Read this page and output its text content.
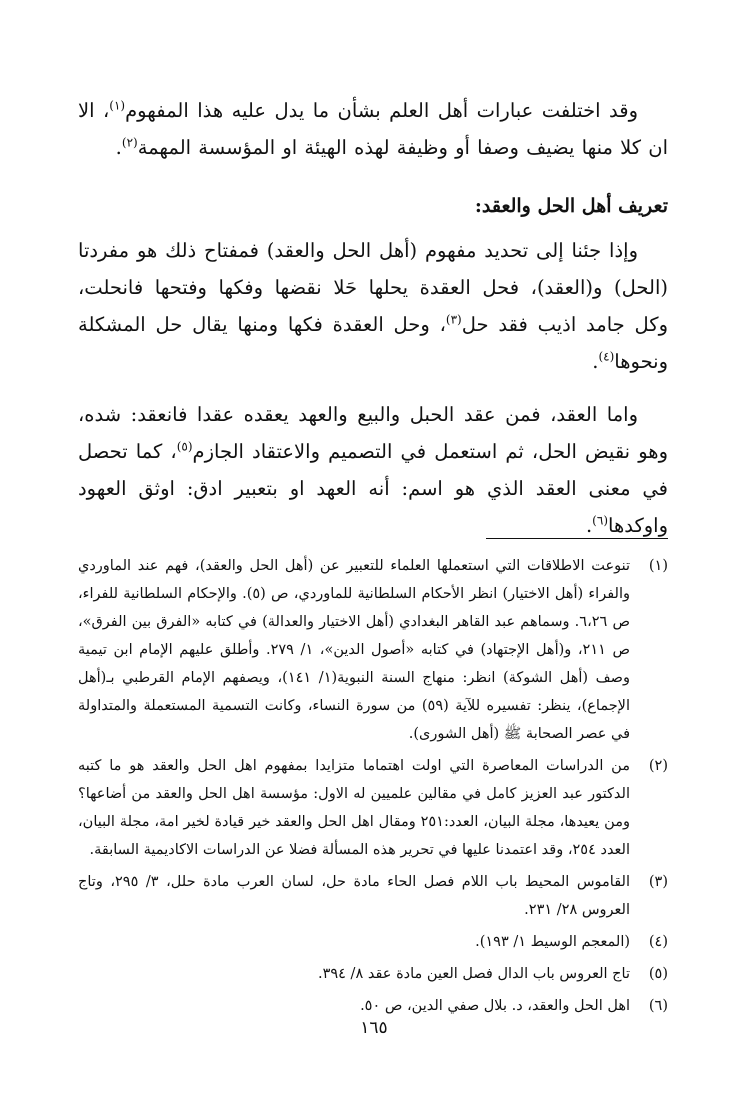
وقد اختلفت عبارات أهل العلم بشأن ما يدل عليه هذا المفهوم$^{(١)}$، الا ان كلا منها يضيف وصفا أو وظيفة لهذه الهيئة او المؤسسة المهمة$^{(٢)}$.

تعريف أهل الحل والعقد:

وإذا جئنا إلى تحديد مفهوم (أهل الحل والعقد) فمفتاح ذلك هو مفردتا (الحل) و(العقد)، فحل العقدة يحلها حَلا نقضها وفكها وفتحها فانحلت، وكل جامد اذيب فقد حل$^{(٣)}$، وحل العقدة فكها ومنها يقال حل المشكلة ونحوها$^{(٤)}$.

واما العقد، فمن عقد الحبل والبيع والعهد يعقده عقدا فانعقد: شده، وهو نقيض الحل، ثم استعمل في التصميم والاعتقاد الجازم$^{(٥)}$، كما تحصل في معنى العقد الذي هو اسم: أنه العهد او بتعبير ادق: اوثق العهود واوكدها$^{(٦)}$.

(١)
تنوعت الاطلاقات التي استعملها العلماء للتعبير عن (أهل الحل والعقد)، فهم عند الماوردي والفراء (أهل الاختيار) انظر الأحكام السلطانية للماوردي، ص (٥). والإحكام السلطانية للفراء، ص ٦،٢٦. وسماهم عبد القاهر البغدادي (أهل الاختيار والعدالة) في كتابه «الفرق بين الفرق»، ص ٢١١، و(أهل الإجتهاد) في كتابه «أصول الدين»، ١/ ٢٧٩. وأطلق عليهم الإمام ابن تيمية وصف (أهل الشوكة) انظر: منهاج السنة النبوية(١/ ١٤١)، ويصفهم الإمام القرطبي بـ(أهل الإجماع)، ينظر: تفسيره للآية (٥٩) من سورة النساء، وكانت التسمية المستعملة والمتداولة في عصر الصحابة ﷺ (أهل الشورى).
(٢)
من الدراسات المعاصرة التي اولت اهتماما متزايدا بمفهوم اهل الحل والعقد هو ما كتبه الدكتور عبد العزيز كامل في مقالين علميين له الاول: مؤسسة اهل الحل والعقد من أضاعها؟ ومن يعيدها، مجلة البيان، العدد:٢٥١ ومقال اهل الحل والعقد خير قيادة لخير امة، مجلة البيان، العدد ٢٥٤، وقد اعتمدنا عليها في تحرير هذه المسألة فضلا عن الدراسات الاكاديمية السابقة.
(٣)
القاموس المحيط باب اللام فصل الحاء مادة حل، لسان العرب مادة حلل، ٣/ ٢٩٥، وتاج العروس ٢٨/ ٢٣١.
(٤)
(المعجم الوسيط ١/ ١٩٣).
(٥)
تاج العروس باب الدال فصل العين مادة عقد ٨/ ٣٩٤.
(٦)
اهل الحل والعقد، د. بلال صفي الدين، ص ٥٠.
١٦٥
